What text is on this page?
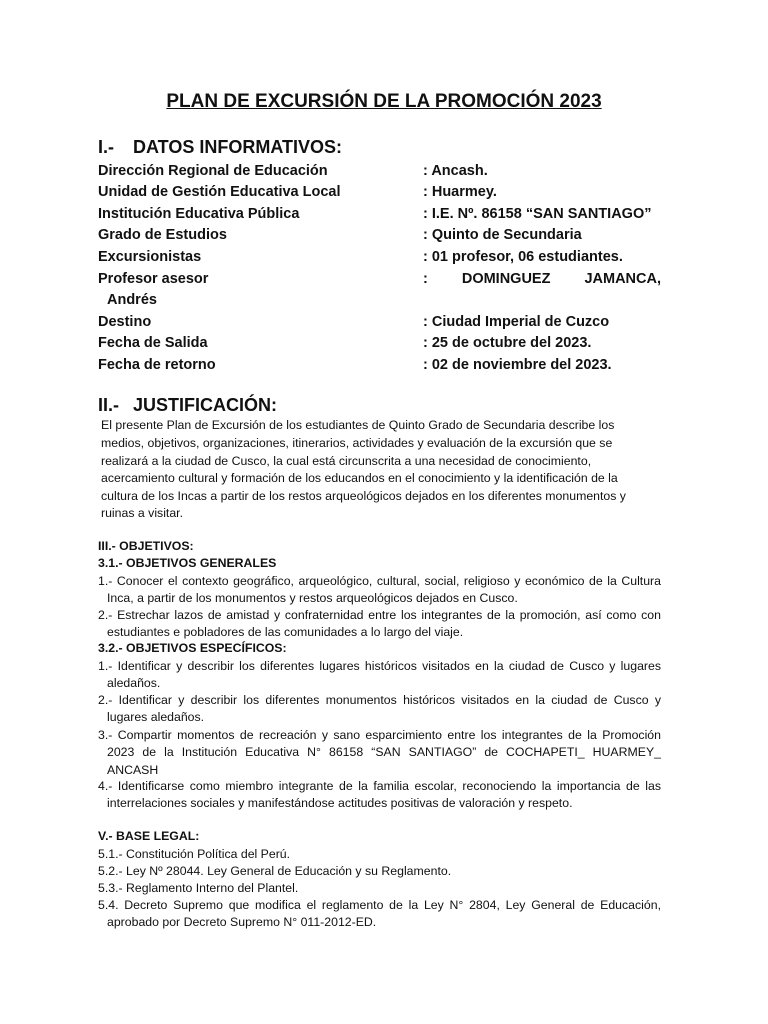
PLAN DE EXCURSIÓN DE LA PROMOCIÓN 2023
I.- DATOS INFORMATIVOS:
Dirección Regional de Educación	: Ancash.
Unidad de Gestión Educativa Local	: Huarmey.
Institución Educativa Pública	: I.E. Nº. 86158 “SAN SANTIAGO”
Grado de Estudios	: Quinto de Secundaria
Excursionistas	: 01 profesor, 06 estudiantes.
Profesor asesor	: DOMINGUEZ JAMANCA,
Andrés
Destino	: Ciudad Imperial de Cuzco
Fecha de Salida	: 25 de octubre del 2023.
Fecha de retorno	: 02 de noviembre del 2023.
II.- JUSTIFICACIÓN:

El presente Plan de Excursión de los estudiantes de Quinto Grado de Secundaria describe los

medios, objetivos, organizaciones, itinerarios, actividades y evaluación de la excursión que se

realizará a la ciudad de Cusco, la cual está circunscrita a una necesidad de conocimiento,

acercamiento cultural y formación de los educandos en el conocimiento y la identificación de la

cultura de los Incas a partir de los restos arqueológicos dejados en los diferentes monumentos y

ruinas a visitar.

III.- OBJETIVOS:

3.1.- OBJETIVOS GENERALES

1.- Conocer el contexto geográfico, arqueológico, cultural, social, religioso y económico de la Cultura Inca, a partir de los monumentos y restos arqueológicos dejados en Cusco.

2.- Estrechar lazos de amistad y confraternidad entre los integrantes de la promoción, así como con estudiantes e pobladores de las comunidades a lo largo del viaje.

3.2.- OBJETIVOS ESPECÍFICOS:

1.- Identificar y describir los diferentes lugares históricos visitados en la ciudad de Cusco y lugares aledaños.

2.- Identificar y describir los diferentes monumentos históricos visitados en la ciudad de Cusco y lugares aledaños.

3.- Compartir momentos de recreación y sano esparcimiento entre los integrantes de la Promoción 2023 de la Institución Educativa N° 86158 “SAN SANTIAGO” de COCHAPETI_ HUARMEY_ ANCASH

4.- Identificarse como miembro integrante de la familia escolar, reconociendo la importancia de las interrelaciones sociales y manifestándose actitudes positivas de valoración y respeto.

V.- BASE LEGAL:

5.1.- Constitución Política del Perú.

5.2.- Ley Nº 28044. Ley General de Educación y su Reglamento.

5.3.- Reglamento Interno del Plantel.

5.4. Decreto Supremo que modifica el reglamento de la Ley N° 2804, Ley General de Educación, aprobado por Decreto Supremo N° 011-2012-ED.
